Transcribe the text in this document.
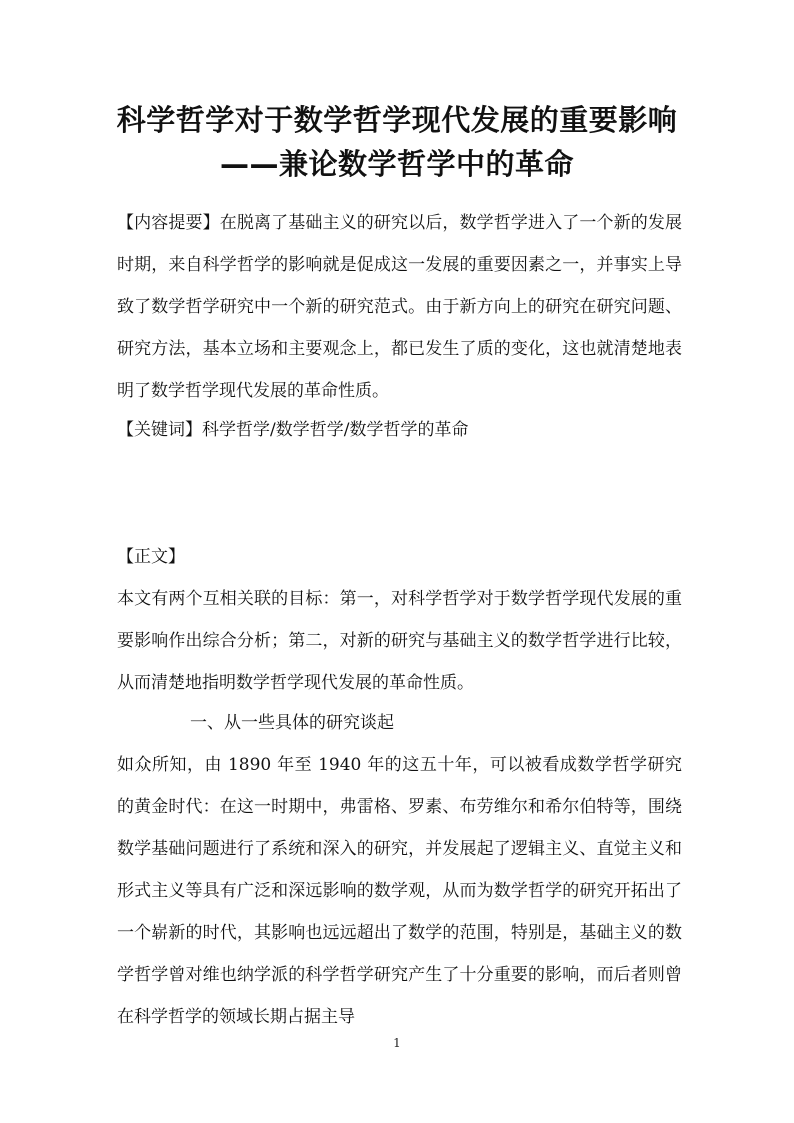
科学哲学对于数学哲学现代发展的重要影响
——兼论数学哲学中的革命

【内容提要】在脱离了基础主义的研究以后，数学哲学进入了一个新的发展时期，来自科学哲学的影响就是促成这一发展的重要因素之一，并事实上导致了数学哲学研究中一个新的研究范式。由于新方向上的研究在研究问题、研究方法，基本立场和主要观念上，都已发生了质的变化，这也就清楚地表明了数学哲学现代发展的革命性质。

【关键词】科学哲学/数学哲学/数学哲学的革命

【正文】

本文有两个互相关联的目标：第一，对科学哲学对于数学哲学现代发展的重要影响作出综合分析；第二，对新的研究与基础主义的数学哲学进行比较，从而清楚地指明数学哲学现代发展的革命性质。

一、从一些具体的研究谈起

如众所知，由 1890 年至 1940 年的这五十年，可以被看成数学哲学研究的黄金时代：在这一时期中，弗雷格、罗素、布劳维尔和希尔伯特等，围绕数学基础问题进行了系统和深入的研究，并发展起了逻辑主义、直觉主义和形式主义等具有广泛和深远影响的数学观，从而为数学哲学的研究开拓出了一个崭新的时代，其影响也远远超出了数学的范围，特别是，基础主义的数学哲学曾对维也纳学派的科学哲学研究产生了十分重要的影响，而后者则曾在科学哲学的领域长期占据主导

1
